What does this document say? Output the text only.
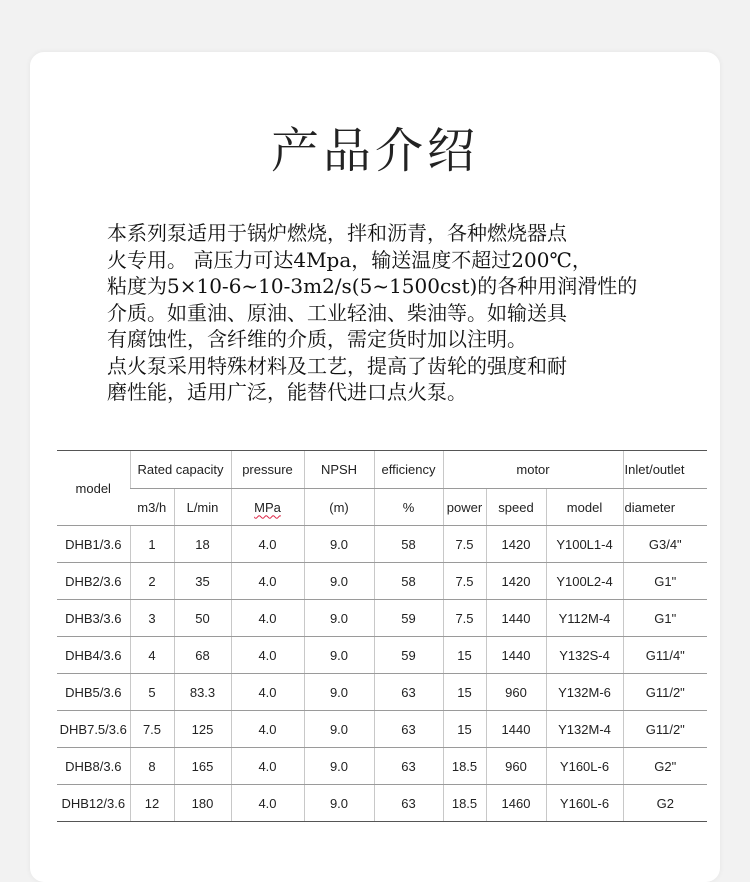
产品介绍

本系列泵适用于锅炉燃烧，拌和沥青，各种燃烧器点

火专用。 高压力可达4Mpa，输送温度不超过200℃，

粘度为5×10-6~10-3m2/s(5~1500cst)的各种用润滑性的

介质。如重油、原油、工业轻油、柴油等。如输送具

有腐蚀性，含纤维的介质，需定货时加以注明。

点火泵采用特殊材料及工艺，提高了齿轮的强度和耐

磨性能，适用广泛，能替代进口点火泵。

model	Rated capacity		pressure	NPSH	efficiency	motor			Inlet/outlet
	m3/h	L/min	MPa	(m)	%	power	speed	model	diameter
DHB1/3.6	1	18	4.0	9.0	58	7.5	1420	Y100L1-4	G3/4"
DHB2/3.6	2	35	4.0	9.0	58	7.5	1420	Y100L2-4	G1"
DHB3/3.6	3	50	4.0	9.0	59	7.5	1440	Y112M-4	G1"
DHB4/3.6	4	68	4.0	9.0	59	15	1440	Y132S-4	G11/4"
DHB5/3.6	5	83.3	4.0	9.0	63	15	960	Y132M-6	G11/2"
DHB7.5/3.6	7.5	125	4.0	9.0	63	15	1440	Y132M-4	G11/2"
DHB8/3.6	8	165	4.0	9.0	63	18.5	960	Y160L-6	G2"
DHB12/3.6	12	180	4.0	9.0	63	18.5	1460	Y160L-6	G2
